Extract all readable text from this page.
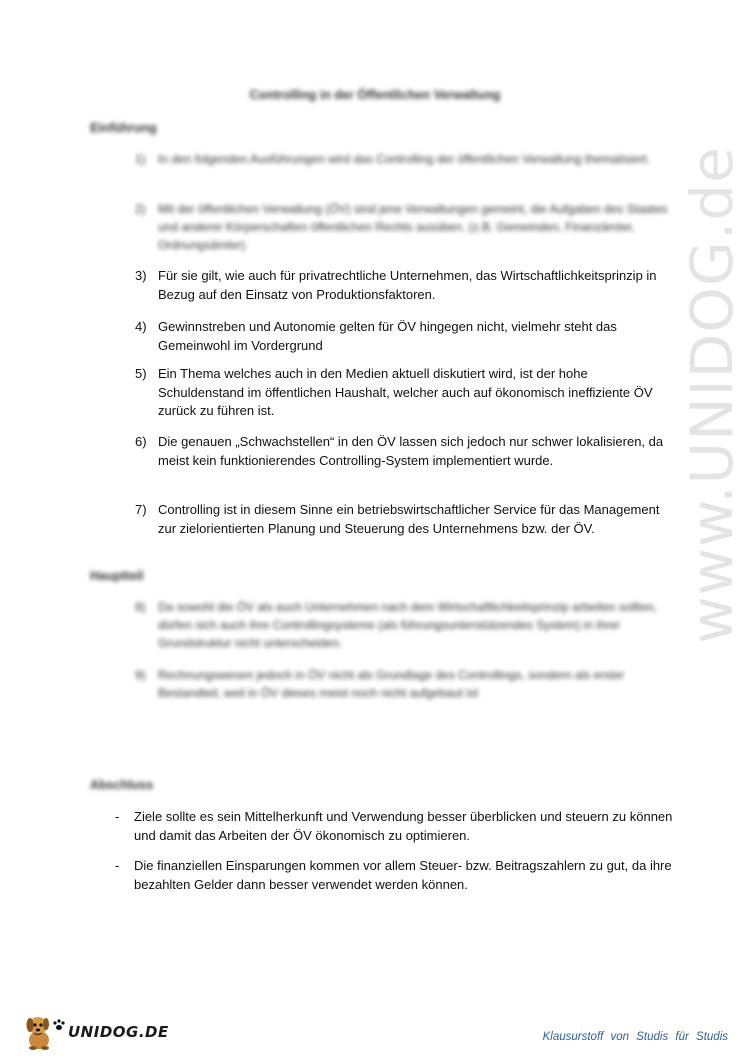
www.UNIDOG.de
Controlling in der Öffentlichen Verwaltung
Einführung
1) In den folgenden Ausführungen wird das Controlling der öffentlichen Verwaltung thematisiert.
2) Mit der öffentlichen Verwaltung (ÖV) sind jene Verwaltungen gemeint, die Aufgaben des Staates und anderer Körperschaften öffentlichen Rechts ausüben. (z.B. Gemeinden, Finanzämter, Ordnungsämter)
3) Für sie gilt, wie auch für privatrechtliche Unternehmen, das Wirtschaftlichkeitsprinzip in Bezug auf den Einsatz von Produktionsfaktoren.
4) Gewinnstreben und Autonomie gelten für ÖV hingegen nicht, vielmehr steht das Gemeinwohl im Vordergrund
5) Ein Thema welches auch in den Medien aktuell diskutiert wird, ist der hohe Schuldenstand im öffentlichen Haushalt, welcher auch auf ökonomisch ineffiziente ÖV zurück zu führen ist.
6) Die genauen „Schwachstellen“ in den ÖV lassen sich jedoch nur schwer lokalisieren, da meist kein funktionierendes Controlling-System implementiert wurde.
7) Controlling ist in diesem Sinne ein betriebswirtschaftlicher Service für das Management zur zielorientierten Planung und Steuerung des Unternehmens bzw. der ÖV.
Hauptteil
8) Da sowohl die ÖV als auch Unternehmen nach dem Wirtschaftlichkeitsprinzip arbeiten sollten, dürfen sich auch ihre Controllingsysteme (als führungsunterstützendes System) in ihrer Grundstruktur nicht unterscheiden.
9) Rechnungswesen jedoch in ÖV nicht als Grundlage des Controllings, sondern als erster Bestandteil, weil in ÖV dieses meist noch nicht aufgebaut ist
Abschluss
- Ziele sollte es sein Mittelherkunft und Verwendung besser überblicken und steuern zu können und damit das Arbeiten der ÖV ökonomisch zu optimieren.
- Die finanziellen Einsparungen kommen vor allem Steuer- bzw. Beitragszahlern zu gut, da ihre bezahlten Gelder dann besser verwendet werden können.
UNIDOG.DE	Klausurstoff von Studis für Studis
